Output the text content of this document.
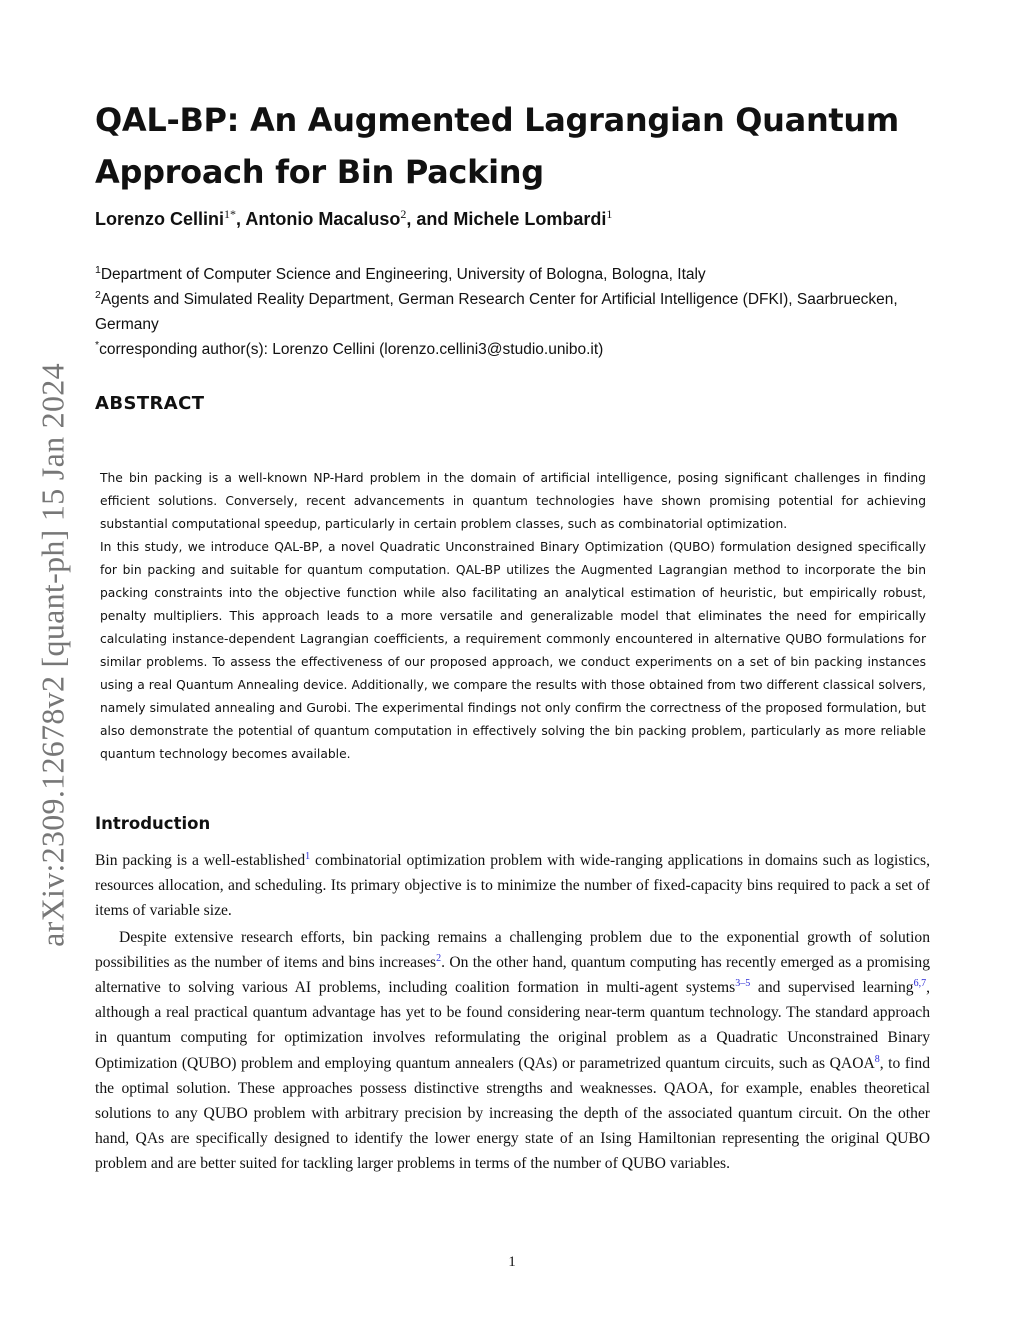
arXiv:2309.12678v2 [quant-ph] 15 Jan 2024
QAL-BP: An Augmented Lagrangian Quantum Approach for Bin Packing
Lorenzo Cellini$^{1*}$, Antonio Macaluso$^2$, and Michele Lombardi$^1$
$^1$Department of Computer Science and Engineering, University of Bologna, Bologna, Italy
$^2$Agents and Simulated Reality Department, German Research Center for Artificial Intelligence (DFKI), Saarbruecken, Germany
*corresponding author(s): Lorenzo Cellini (lorenzo.cellini3@studio.unibo.it)
ABSTRACT

The bin packing is a well-known NP-Hard problem in the domain of artificial intelligence, posing significant challenges in finding efficient solutions. Conversely, recent advancements in quantum technologies have shown promising potential for achieving substantial computational speedup, particularly in certain problem classes, such as combinatorial optimization.

In this study, we introduce QAL-BP, a novel Quadratic Unconstrained Binary Optimization (QUBO) formulation designed specifically for bin packing and suitable for quantum computation. QAL-BP utilizes the Augmented Lagrangian method to incorporate the bin packing constraints into the objective function while also facilitating an analytical estimation of heuristic, but empirically robust, penalty multipliers. This approach leads to a more versatile and generalizable model that eliminates the need for empirically calculating instance-dependent Lagrangian coefficients, a requirement commonly encountered in alternative QUBO formulations for similar problems. To assess the effectiveness of our proposed approach, we conduct experiments on a set of bin packing instances using a real Quantum Annealing device. Additionally, we compare the results with those obtained from two different classical solvers, namely simulated annealing and Gurobi. The experimental findings not only confirm the correctness of the proposed formulation, but also demonstrate the potential of quantum computation in effectively solving the bin packing problem, particularly as more reliable quantum technology becomes available.

Introduction

Bin packing is a well-established$^1$ combinatorial optimization problem with wide-ranging applications in domains such as logistics, resources allocation, and scheduling. Its primary objective is to minimize the number of fixed-capacity bins required to pack a set of items of variable size.

Despite extensive research efforts, bin packing remains a challenging problem due to the exponential growth of solution possibilities as the number of items and bins increases$^2$. On the other hand, quantum computing has recently emerged as a promising alternative to solving various AI problems, including coalition formation in multi-agent systems$^{3-5}$ and supervised learning$^{6,7}$, although a real practical quantum advantage has yet to be found considering near-term quantum technology. The standard approach in quantum computing for optimization involves reformulating the original problem as a Quadratic Unconstrained Binary Optimization (QUBO) problem and employing quantum annealers (QAs) or parametrized quantum circuits, such as QAOA$^8$, to find the optimal solution. These approaches possess distinctive strengths and weaknesses. QAOA, for example, enables theoretical solutions to any QUBO problem with arbitrary precision by increasing the depth of the associated quantum circuit. On the other hand, QAs are specifically designed to identify the lower energy state of an Ising Hamiltonian representing the original QUBO problem and are better suited for tackling larger problems in terms of the number of QUBO variables.

1
